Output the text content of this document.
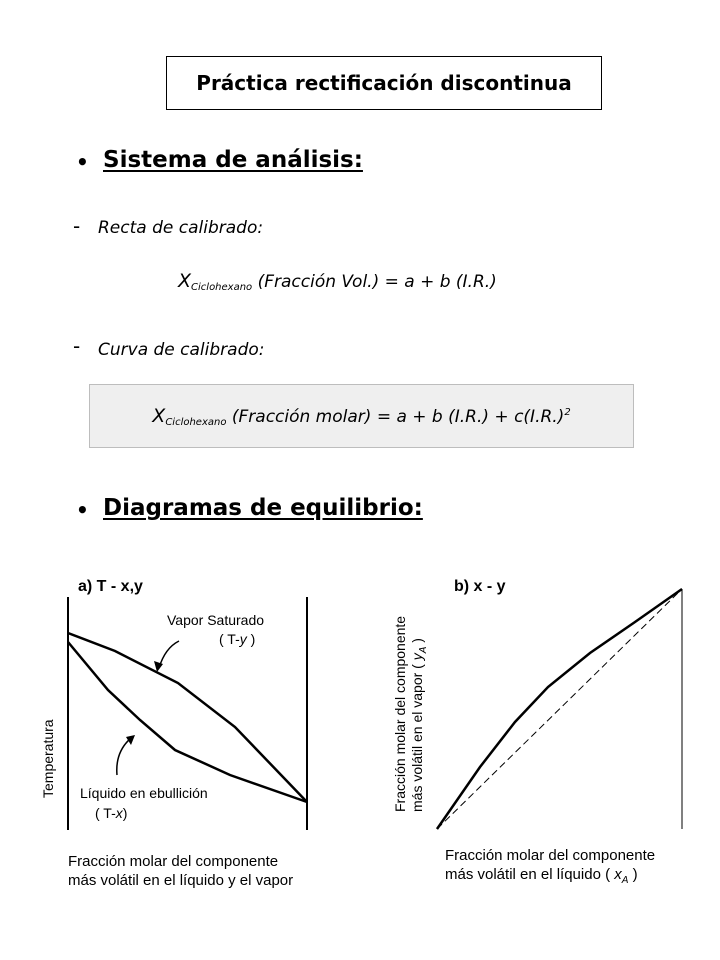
Práctica rectificación discontinua
• Sistema de análisis:
- Recta de calibrado:
$X_{Ciclohexano}$ (Fracción Vol.) = a + b (I.R.)
- Curva de calibrado:
$X_{Ciclohexano}$ (Fracción molar) = a + b $(I.R.) + c(I.R.)^2$
• Diagramas de equilibrio:
a) T - x,y
Temperatura
Vapor Saturado
( T-y )
Líquido en ebullición
( T-x)
Fracción molar del componente
más volátil en el líquido y el vapor
b) x - y
Fracción molar del componente más volátil en el vapor ( $y_A$ )
Fracción molar del componente
más volátil en el líquido ( $x_A$ )
